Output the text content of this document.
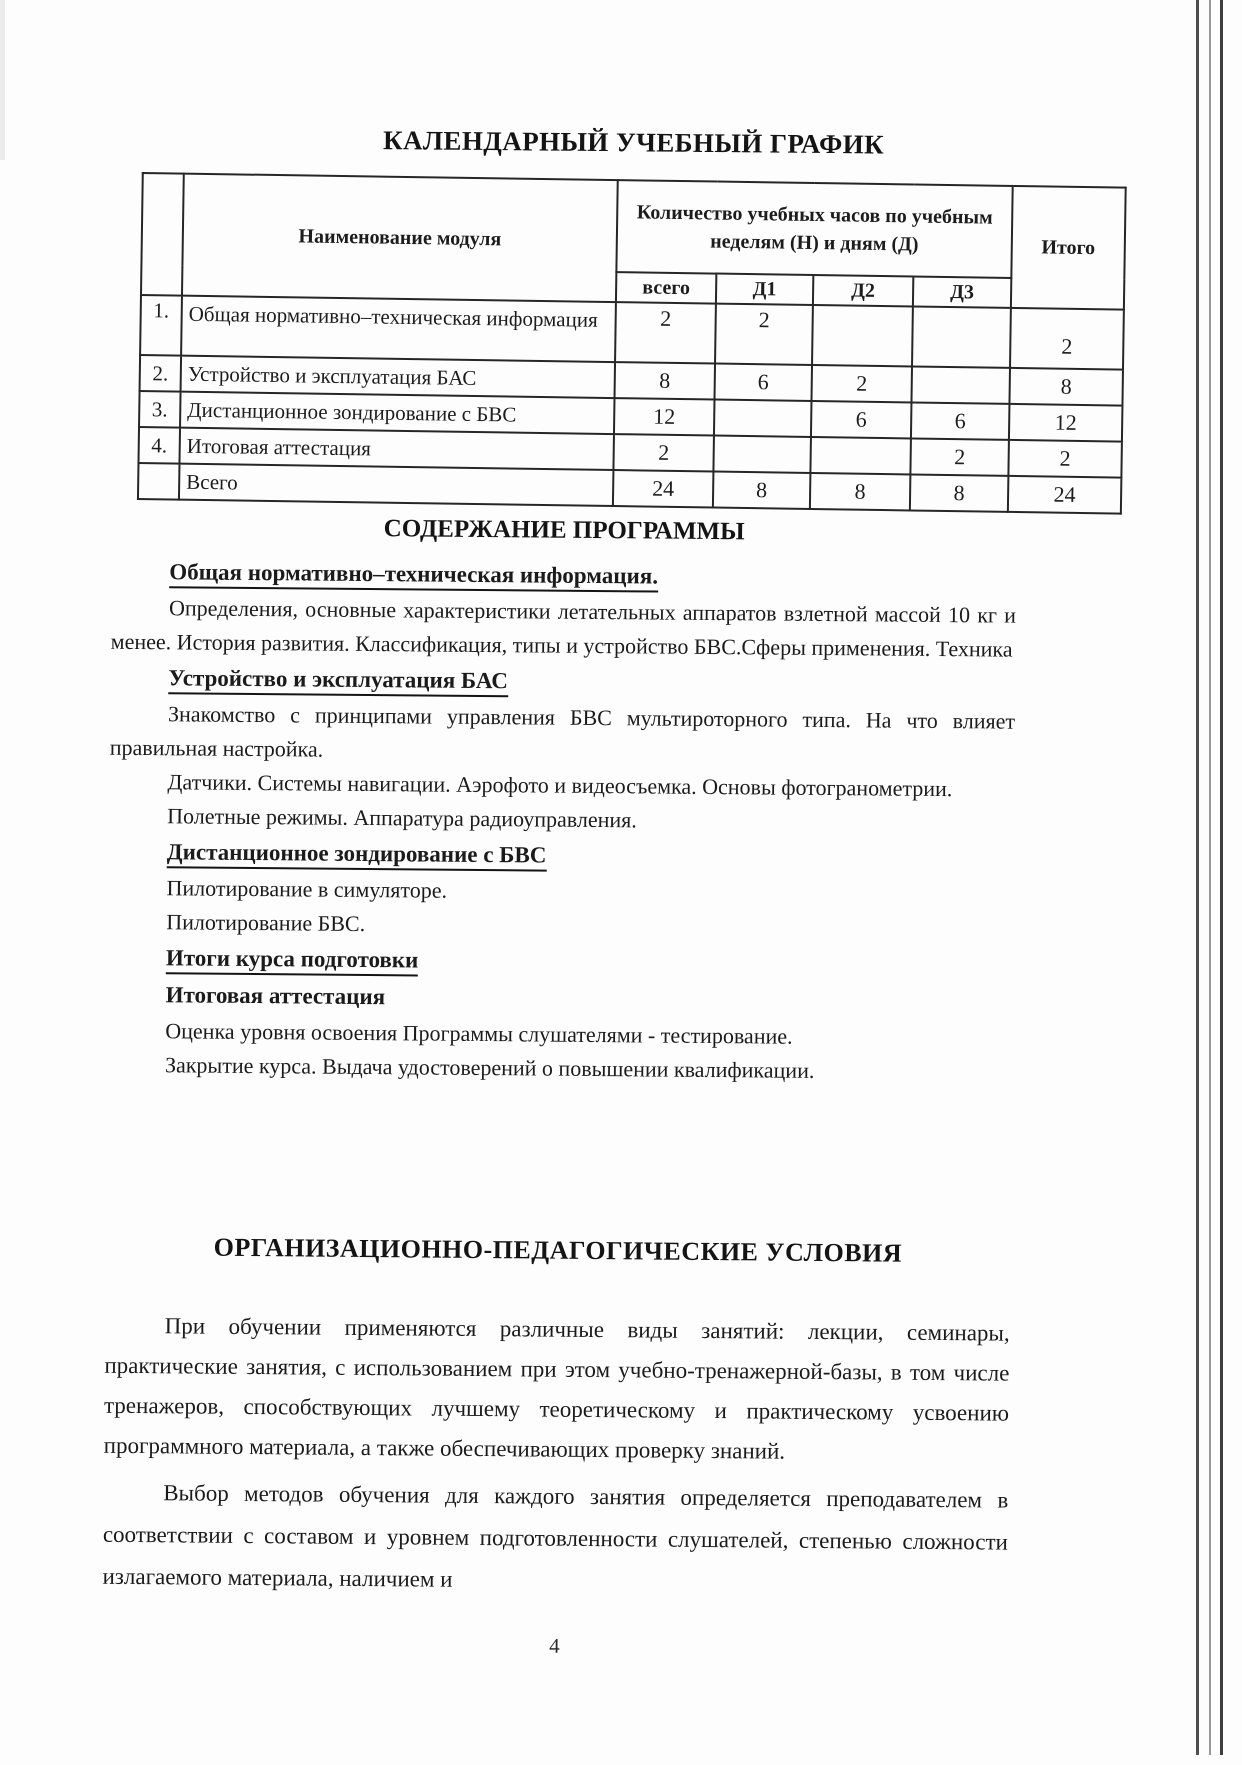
КАЛЕНДАРНЫЙ УЧЕБНЫЙ ГРАФИК
	Наименование модуля	Количество учебных часов по учебным неделям (Н) и дням (Д)				Итого
		всего	Д1	Д2	Д3	
1.	Общая нормативно–техническая информация	2	2			2
2.	Устройство и эксплуатация БАС	8	6	2		8
3.	Дистанционное зондирование с БВС	12		6	6	12
4.	Итоговая аттестация	2			2	2
	Всего	24	8	8	8	24
СОДЕРЖАНИЕ ПРОГРАММЫ
Общая нормативно–техническая информация.

Определения, основные характеристики летательных аппаратов взлетной массой 10 кг и менее. История развития. Классификация, типы и устройство БВС.Сферы применения. Техника

Устройство и эксплуатация БАС

Знакомство с принципами управления БВС мультироторного типа. На что влияет правильная настройка.

Датчики. Системы навигации. Аэрофото и видеосъемка. Основы фотогранометрии.

Полетные режимы. Аппаратура радиоуправления.

Дистанционное зондирование с БВС

Пилотирование в симуляторе.

Пилотирование БВС.

Итоги курса подготовки
Итоговая аттестация

Оценка уровня освоения Программы слушателями - тестирование.

Закрытие курса. Выдача удостоверений о повышении квалификации.

ОРГАНИЗАЦИОННО-ПЕДАГОГИЧЕСКИЕ УСЛОВИЯ

При обучении применяются различные виды занятий: лекции, семинары, практические занятия, с использованием при этом учебно-тренажерной-базы, в том числе тренажеров, способствующих лучшему теоретическому и практическому усвоению программного материала, а также обеспечивающих проверку знаний.

Выбор методов обучения для каждого занятия определяется преподавателем в соответствии с составом и уровнем подготовленности слушателей, степенью сложности излагаемого материала, наличием и

4
